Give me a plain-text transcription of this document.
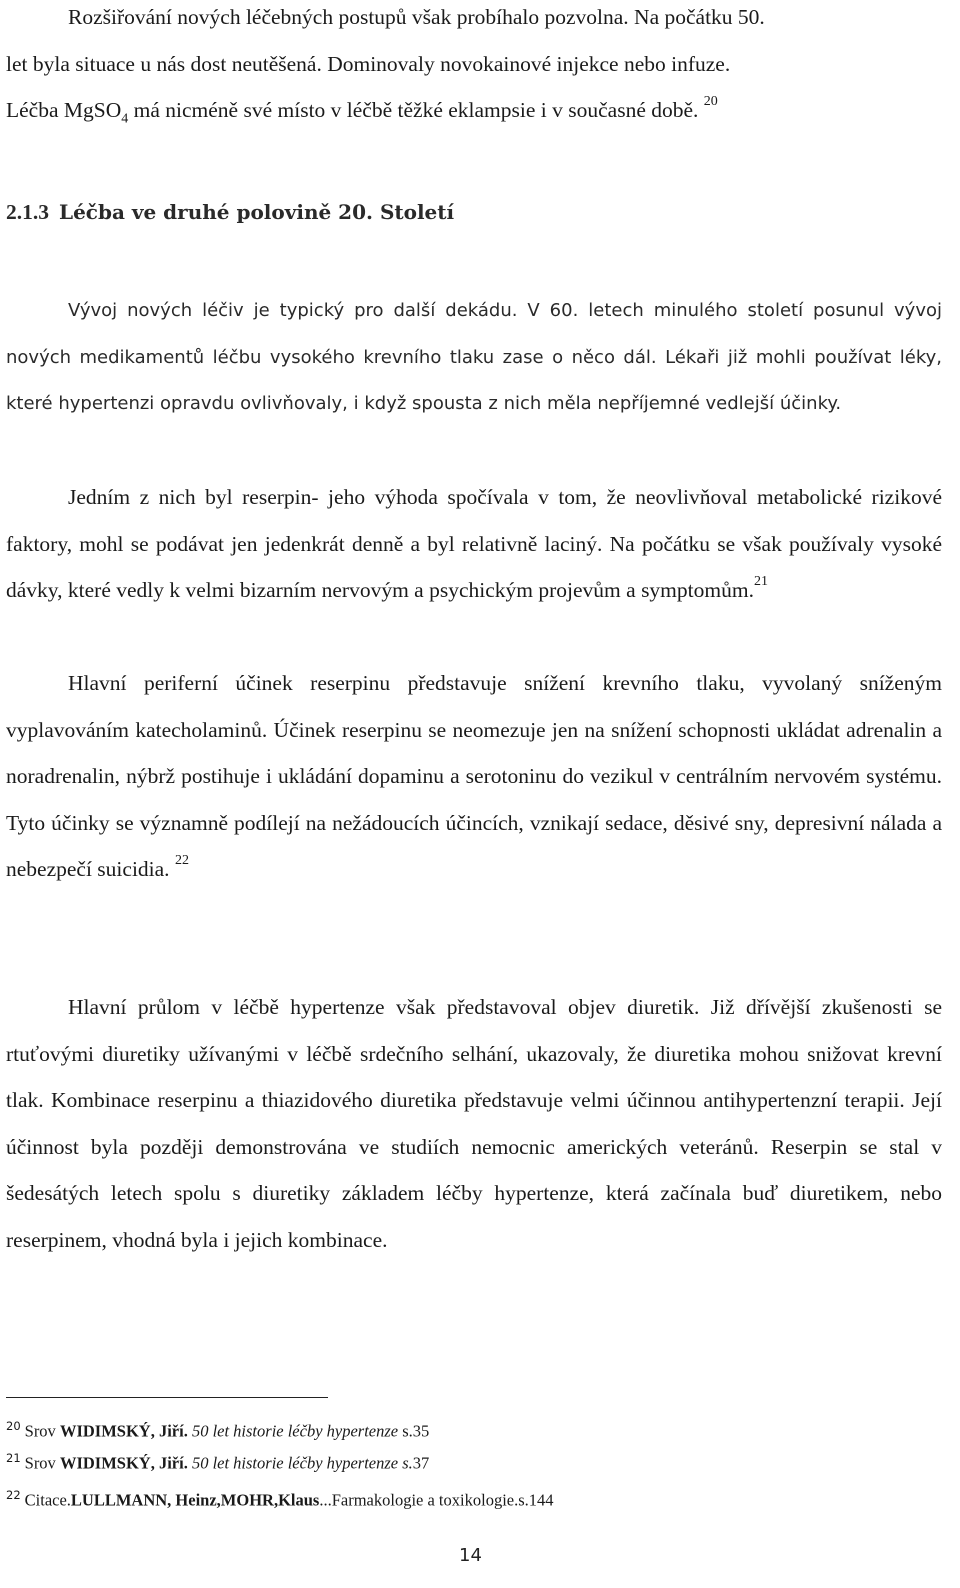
Rozšiřování nových léčebných postupů však probíhalo pozvolna. Na počátku 50.
let byla situace u nás dost neutěšená. Dominovaly novokainové injekce nebo infuze.
Léčba MgSO$_4$ má nicméně své místo v léčbě těžké eklampsie i v současné době. $^{20}$

2.1.3 Léčba ve druhé polovině 20. Století

Vývoj nových léčiv je typický pro další dekádu. V 60. letech minulého století posunul vývoj nových medikamentů léčbu vysokého krevního tlaku zase o něco dál. Lékaři již mohli používat léky, které hypertenzi opravdu ovlivňovaly, i když spousta z nich měla nepříjemné vedlejší účinky.

Jedním z nich byl reserpin- jeho výhoda spočívala v tom, že neovlivňoval metabolické rizikové faktory, mohl se podávat jen jedenkrát denně a byl relativně laciný. Na počátku se však používaly vysoké dávky, které vedly k velmi bizarním nervovým a psychickým projevům a symptomům.$^{21}$

Hlavní periferní účinek reserpinu představuje snížení krevního tlaku, vyvolaný sníženým vyplavováním katecholaminů. Účinek reserpinu se neomezuje jen na snížení schopnosti ukládat adrenalin a noradrenalin, nýbrž postihuje i ukládání dopaminu a serotoninu do vezikul v centrálním nervovém systému. Tyto účinky se významně podílejí na nežádoucích účincích, vznikají sedace, děsivé sny, depresivní nálada a nebezpečí suicidia. $^{22}$

Hlavní průlom v léčbě hypertenze však představoval objev diuretik. Již dřívější zkušenosti se rtuťovými diuretiky užívanými v léčbě srdečního selhání, ukazovaly, že diuretika mohou snižovat krevní tlak. Kombinace reserpinu a thiazidového diuretika představuje velmi účinnou antihypertenzní terapii. Její účinnost byla později demonstrována ve studiích nemocnic amerických veteránů. Reserpin se stal v šedesátých letech spolu s diuretiky základem léčby hypertenze, která začínala buď diuretikem, nebo reserpinem, vhodná byla i jejich kombinace.

$^{20}$ Srov WIDIMSKÝ, Jiří. 50 let historie léčby hypertenze s.35

$^{21}$ Srov WIDIMSKÝ, Jiří. 50 let historie léčby hypertenze s.37

$^{22}$ Citace.LULLMANN, Heinz,MOHR,Klaus...Farmakologie a toxikologie.s.144

14
